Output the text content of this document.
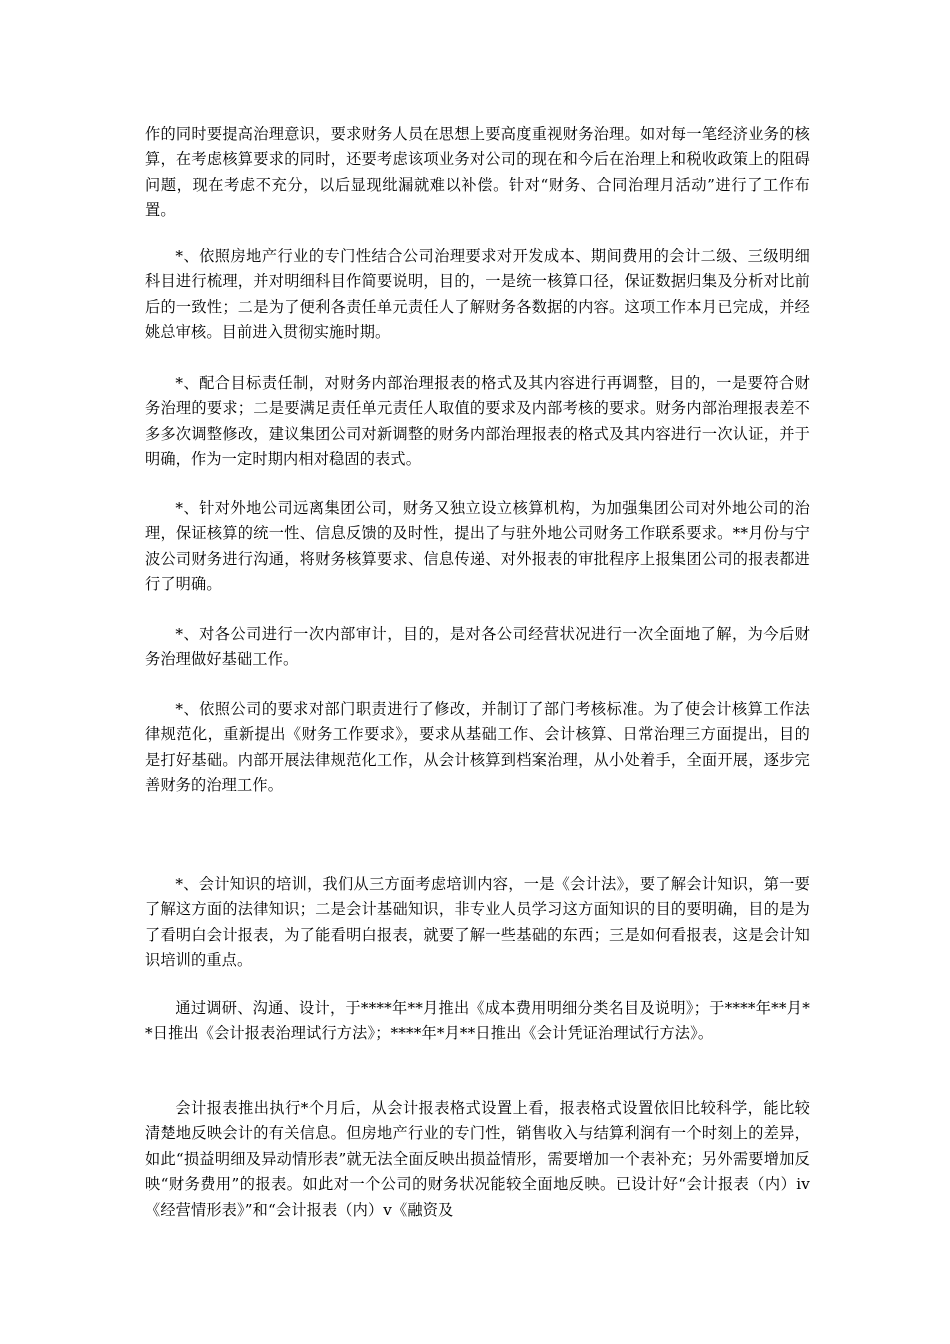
作的同时要提高治理意识，要求财务人员在思想上要高度重视财务治理。如对每一笔经济业务的核算，在考虑核算要求的同时，还要考虑该项业务对公司的现在和今后在治理上和税收政策上的阻碍问题，现在考虑不充分，以后显现纰漏就难以补偿。针对“财务、合同治理月活动”进行了工作布置。

*、依照房地产行业的专门性结合公司治理要求对开发成本、期间费用的会计二级、三级明细科目进行梳理，并对明细科目作简要说明，目的，一是统一核算口径，保证数据归集及分析对比前后的一致性；二是为了便利各责任单元责任人了解财务各数据的内容。这项工作本月已完成，并经姚总审核。目前进入贯彻实施时期。

*、配合目标责任制，对财务内部治理报表的格式及其内容进行再调整，目的，一是要符合财务治理的要求；二是要满足责任单元责任人取值的要求及内部考核的要求。财务内部治理报表差不多多次调整修改，建议集团公司对新调整的财务内部治理报表的格式及其内容进行一次认证，并于明确，作为一定时期内相对稳固的表式。

*、针对外地公司远离集团公司，财务又独立设立核算机构，为加强集团公司对外地公司的治理，保证核算的统一性、信息反馈的及时性，提出了与驻外地公司财务工作联系要求。**月份与宁波公司财务进行沟通，将财务核算要求、信息传递、对外报表的审批程序上报集团公司的报表都进行了明确。

*、对各公司进行一次内部审计，目的，是对各公司经营状况进行一次全面地了解，为今后财务治理做好基础工作。

*、依照公司的要求对部门职责进行了修改，并制订了部门考核标准。为了使会计核算工作法律规范化，重新提出《财务工作要求》，要求从基础工作、会计核算、日常治理三方面提出，目的是打好基础。内部开展法律规范化工作，从会计核算到档案治理，从小处着手，全面开展，逐步完善财务的治理工作。

*、会计知识的培训，我们从三方面考虑培训内容，一是《会计法》，要了解会计知识，第一要了解这方面的法律知识；二是会计基础知识，非专业人员学习这方面知识的目的要明确，目的是为了看明白会计报表，为了能看明白报表，就要了解一些基础的东西；三是如何看报表，这是会计知识培训的重点。

通过调研、沟通、设计，于****年**月推出《成本费用明细分类名目及说明》；于****年**月**日推出《会计报表治理试行方法》；****年*月**日推出《会计凭证治理试行方法》。

会计报表推出执行*个月后，从会计报表格式设置上看，报表格式设置依旧比较科学，能比较清楚地反映会计的有关信息。但房地产行业的专门性，销售收入与结算利润有一个时刻上的差异，如此“损益明细及异动情形表”就无法全面反映出损益情形，需要增加一个表补充；另外需要增加反映“财务费用”的报表。如此对一个公司的财务状况能较全面地反映。已设计好“会计报表（内）iv《经营情形表》”和“会计报表（内）v《融资及
